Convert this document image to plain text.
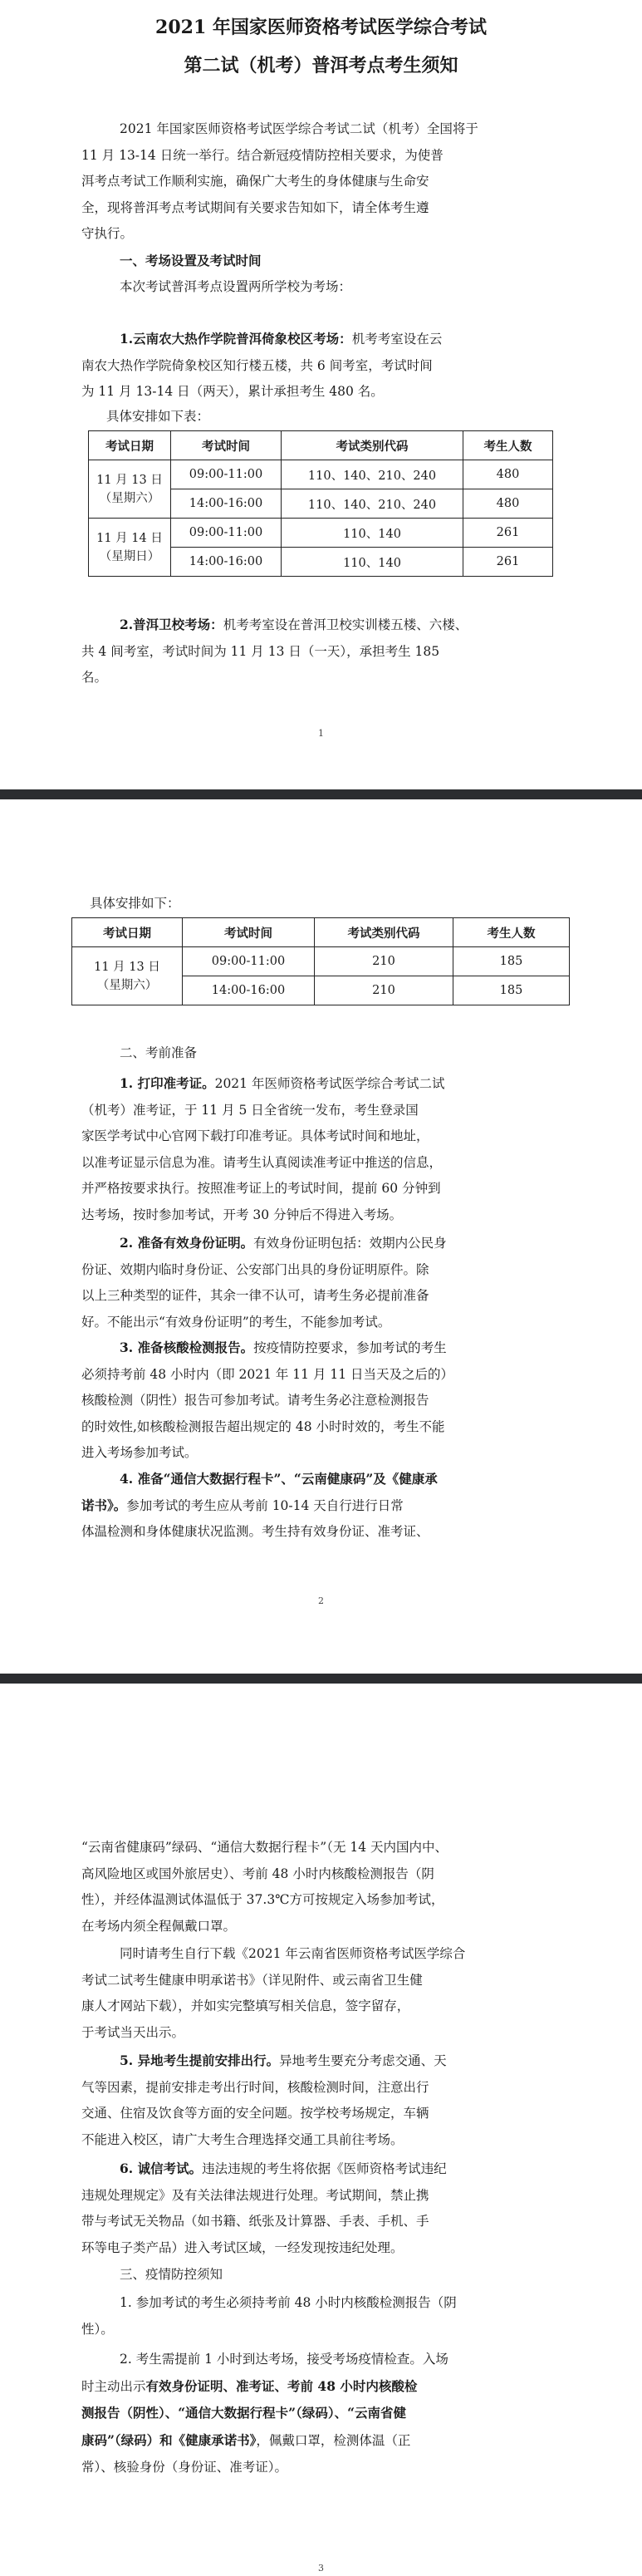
2021 年国家医师资格考试医学综合考试
第二试（机考）普洱考点考生须知
2021 年国家医师资格考试医学综合考试二试（机考）全国将于
11 月 13-14 日统一举行。结合新冠疫情防控相关要求，为使普
洱考点考试工作顺利实施，确保广大考生的身体健康与生命安
全，现将普洱考点考试期间有关要求告知如下，请全体考生遵
守执行。
一、考场设置及考试时间
本次考试普洱考点设置两所学校为考场：
1.云南农大热作学院普洱倚象校区考场：机考考室设在云
南农大热作学院倚象校区知行楼五楼，共 6 间考室，考试时间
为 11 月 13-14 日（两天），累计承担考生 480 名。
具体安排如下表：
考试日期	考试时间	考试类别代码	考生人数

11 月 13 日
（星期六）	09:00-11:00	110、140、210、240	480
	14:00-16:00	110、140、210、240	480

11 月 14 日
（星期日）	09:00-11:00	110、140	261
	14:00-16:00	110、140	261
2.普洱卫校考场：机考考室设在普洱卫校实训楼五楼、六楼、
共 4 间考室，考试时间为 11 月 13 日（一天），承担考生 185
名。
1
具体安排如下：
考试日期	考试时间	考试类别代码	考生人数

11 月 13 日
（星期六）	09:00-11:00	210	185
	14:00-16:00	210	185
二、考前准备
1. 打印准考证。2021 年医师资格考试医学综合考试二试
（机考）准考证，于 11 月 5 日全省统一发布，考生登录国
家医学考试中心官网下载打印准考证。具体考试时间和地址，
以准考证显示信息为准。请考生认真阅读准考证中推送的信息，
并严格按要求执行。按照准考证上的考试时间，提前 60 分钟到
达考场，按时参加考试，开考 30 分钟后不得进入考场。
2. 准备有效身份证明。有效身份证明包括：效期内公民身
份证、效期内临时身份证、公安部门出具的身份证明原件。除
以上三种类型的证件，其余一律不认可，请考生务必提前准备
好。不能出示“有效身份证明”的考生，不能参加考试。
3. 准备核酸检测报告。按疫情防控要求，参加考试的考生
必须持考前 48 小时内（即 2021 年 11 月 11 日当天及之后的）
核酸检测（阴性）报告可参加考试。请考生务必注意检测报告
的时效性,如核酸检测报告超出规定的 48 小时时效的，考生不能
进入考场参加考试。
4. 准备“通信大数据行程卡”、“云南健康码”及《健康承
诺书》。参加考试的考生应从考前 10-14 天自行进行日常
体温检测和身体健康状况监测。考生持有效身份证、准考证、
2
“云南省健康码”绿码、“通信大数据行程卡”（无 14 天内国内中、
高风险地区或国外旅居史）、考前 48 小时内核酸检测报告（阴
性），并经体温测试体温低于 37.3℃方可按规定入场参加考试，
在考场内须全程佩戴口罩。
同时请考生自行下载《2021 年云南省医师资格考试医学综合
考试二试考生健康申明承诺书》（详见附件、或云南省卫生健
康人才网站下载），并如实完整填写相关信息，签字留存，
于考试当天出示。
5. 异地考生提前安排出行。异地考生要充分考虑交通、天
气等因素，提前安排走考出行时间，核酸检测时间，注意出行
交通、住宿及饮食等方面的安全问题。按学校考场规定，车辆
不能进入校区，请广大考生合理选择交通工具前往考场。
6. 诚信考试。违法违规的考生将依据《医师资格考试违纪
违规处理规定》及有关法律法规进行处理。考试期间，禁止携
带与考试无关物品（如书籍、纸张及计算器、手表、手机、手
环等电子类产品）进入考试区域，一经发现按违纪处理。
三、疫情防控须知
1. 参加考试的考生必须持考前 48 小时内核酸检测报告（阴
性）。
2. 考生需提前 1 小时到达考场，接受考场疫情检查。入场
时主动出示有效身份证明、准考证、考前 48 小时内核酸检
测报告（阴性）、“通信大数据行程卡”（绿码）、“云南省健
康码”（绿码）和《健康承诺书》，佩戴口罩，检测体温（正
常）、核验身份（身份证、准考证）。
3
